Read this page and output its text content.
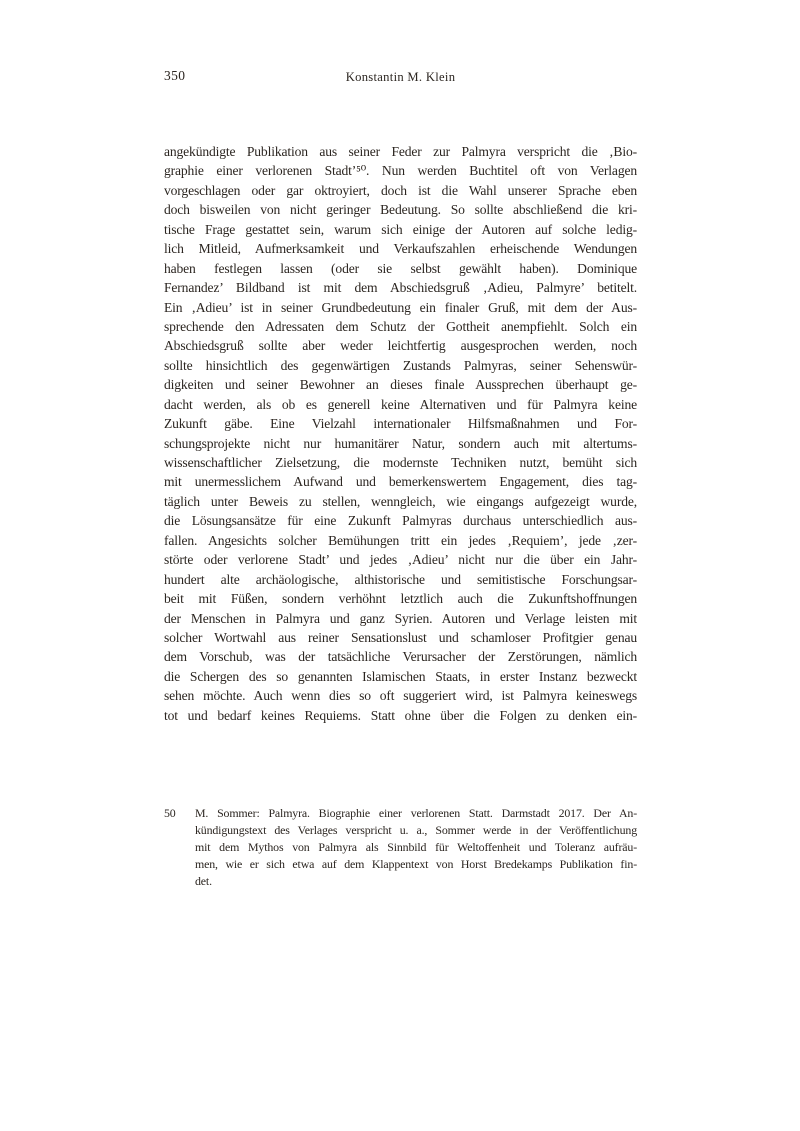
350	Konstantin M. Klein
angekündigte Publikation aus seiner Feder zur Palmyra verspricht die ‚Bio-
graphie einer verlorenen Stadt’⁵⁰. Nun werden Buchtitel oft von Verlagen
vorgeschlagen oder gar oktroyiert, doch ist die Wahl unserer Sprache eben
doch bisweilen von nicht geringer Bedeutung. So sollte abschließend die kri-
tische Frage gestattet sein, warum sich einige der Autoren auf solche ledig-
lich Mitleid, Aufmerksamkeit und Verkaufszahlen erheischende Wendungen
haben festlegen lassen (oder sie selbst gewählt haben). Dominique
Fernandez’ Bildband ist mit dem Abschiedsgruß ‚Adieu, Palmyre’ betitelt.
Ein ‚Adieu’ ist in seiner Grundbedeutung ein finaler Gruß, mit dem der Aus-
sprechende den Adressaten dem Schutz der Gottheit anempfiehlt. Solch ein
Abschiedsgruß sollte aber weder leichtfertig ausgesprochen werden, noch
sollte hinsichtlich des gegenwärtigen Zustands Palmyras, seiner Sehenswür-
digkeiten und seiner Bewohner an dieses finale Aussprechen überhaupt ge-
dacht werden, als ob es generell keine Alternativen und für Palmyra keine
Zukunft gäbe. Eine Vielzahl internationaler Hilfsmaßnahmen und For-
schungsprojekte nicht nur humanitärer Natur, sondern auch mit altertums-
wissenschaftlicher Zielsetzung, die modernste Techniken nutzt, bemüht sich
mit unermesslichem Aufwand und bemerkenswertem Engagement, dies tag-
täglich unter Beweis zu stellen, wenngleich, wie eingangs aufgezeigt wurde,
die Lösungsansätze für eine Zukunft Palmyras durchaus unterschiedlich aus-
fallen. Angesichts solcher Bemühungen tritt ein jedes ‚Requiem’, jede ‚zer-
störte oder verlorene Stadt’ und jedes ‚Adieu’ nicht nur die über ein Jahr-
hundert alte archäologische, althistorische und semitistische Forschungsar-
beit mit Füßen, sondern verhöhnt letztlich auch die Zukunftshoffnungen
der Menschen in Palmyra und ganz Syrien. Autoren und Verlage leisten mit
solcher Wortwahl aus reiner Sensationslust und schamloser Profitgier genau
dem Vorschub, was der tatsächliche Verursacher der Zerstörungen, nämlich
die Schergen des so genannten Islamischen Staats, in erster Instanz bezweckt
sehen möchte. Auch wenn dies so oft suggeriert wird, ist Palmyra keineswegs
tot und bedarf keines Requiems. Statt ohne über die Folgen zu denken ein-
50 M. Sommer: Palmyra. Biographie einer verlorenen Statt. Darmstadt 2017. Der An-
kündigungstext des Verlages verspricht u. a., Sommer werde in der Veröffentlichung
mit dem Mythos von Palmyra als Sinnbild für Weltoffenheit und Toleranz aufräu-
men, wie er sich etwa auf dem Klappentext von Horst Bredekamps Publikation fin-
det.
